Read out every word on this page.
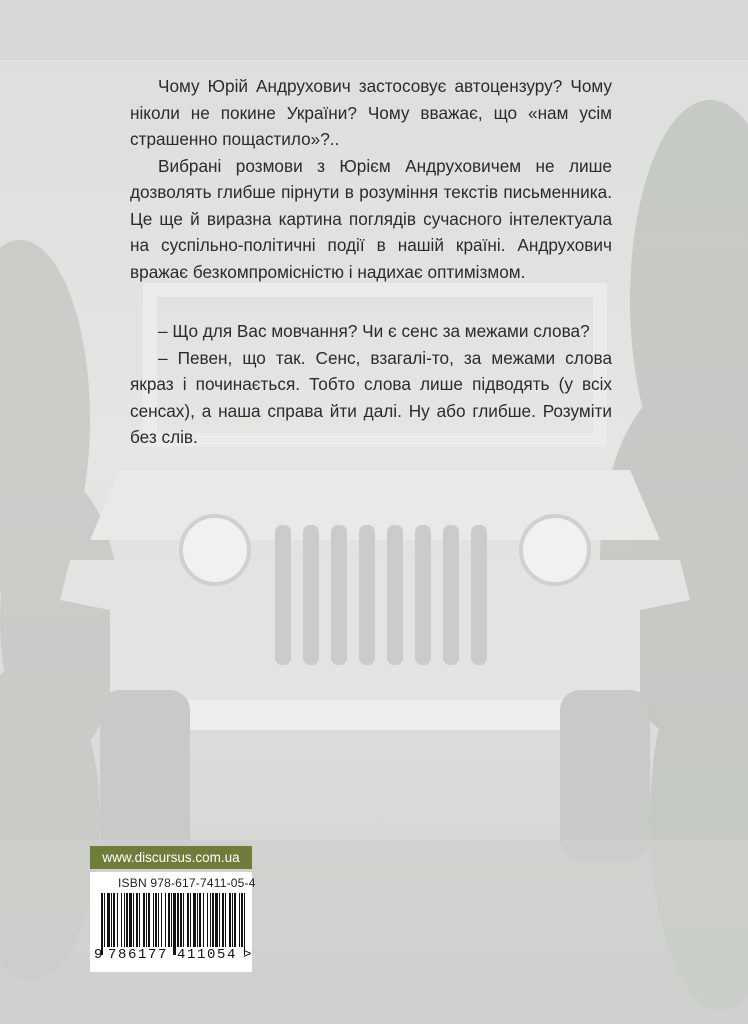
Чому Юрій Андрухович застосовує автоцензуру? Чому ніколи не покине України? Чому вважає, що «нам усім страшенно пощастило»?..

Вибрані розмови з Юрієм Андруховичем не лише дозволять глибше пірнути в розуміння текстів письменника. Це ще й виразна картина поглядів сучасного інтелектуала на суспільно-політичні події в нашій країні. Андрухович вражає безкомпромісністю і надихає оптимізмом.

– Що для Вас мовчання? Чи є сенс за межами слова?

– Певен, що так. Сенс, взагалі-то, за межами слова якраз і починається. Тобто слова лише підводять (у всіх сенсах), а наша справа йти далі. Ну або глибше. Розуміти без слів.

www.discursus.com.ua
ISBN 978-617-7411-05-4
9 786177 411054 >
